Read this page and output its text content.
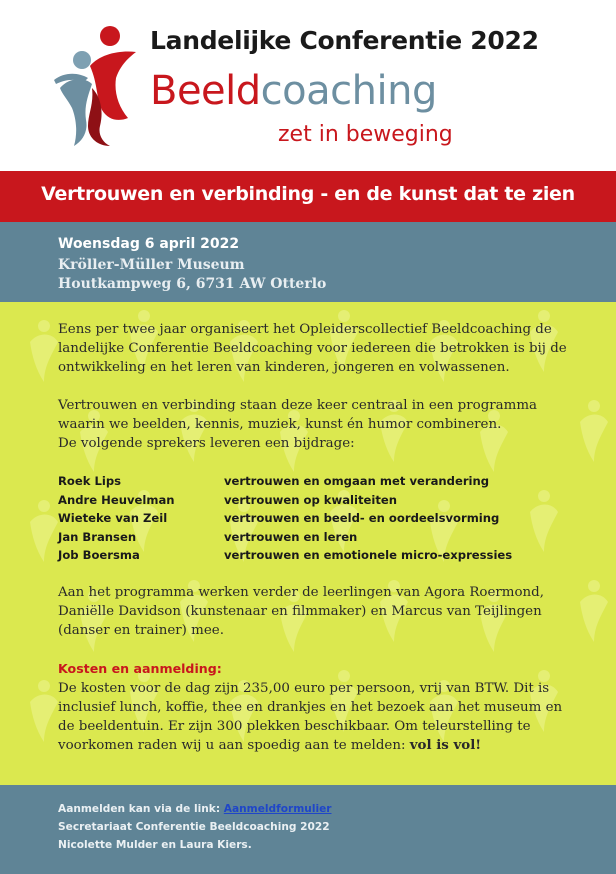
Landelijke Conferentie 2022
Beeldcoaching
zet in beweging
Vertrouwen en verbinding - en de kunst dat te zien
Woensdag 6 april 2022
Kröller-Müller Museum
Houtkampweg 6, 6731 AW Otterlo

Eens per twee jaar organiseert het Opleiderscollectief Beeldcoaching de landelijke Conferentie Beeldcoaching voor iedereen die betrokken is bij de ontwikkeling en het leren van kinderen, jongeren en volwassenen.

Vertrouwen en verbinding staan deze keer centraal in een programma waarin we beelden, kennis, muziek, kunst én humor combineren.
De volgende sprekers leveren een bijdrage:

Roek Lips	vertrouwen en omgaan met verandering
Andre Heuvelman	vertrouwen op kwaliteiten
Wieteke van Zeil	vertrouwen en beeld- en oordeelsvorming
Jan Bransen	vertrouwen en leren
Job Boersma	vertrouwen en emotionele micro-expressies

Aan het programma werken verder de leerlingen van Agora Roermond, Daniëlle Davidson (kunstenaar en filmmaker) en Marcus van Teijlingen (danser en trainer) mee.

Kosten en aanmelding:
De kosten voor de dag zijn 235,00 euro per persoon, vrij van BTW. Dit is inclusief lunch, koffie, thee en drankjes en het bezoek aan het museum en de beeldentuin. Er zijn 300 plekken beschikbaar. Om teleurstelling te voorkomen raden wij u aan spoedig aan te melden: vol is vol!

Aanmelden kan via de link: Aanmeldformulier
Secretariaat Conferentie Beeldcoaching 2022
Nicolette Mulder en Laura Kiers.
